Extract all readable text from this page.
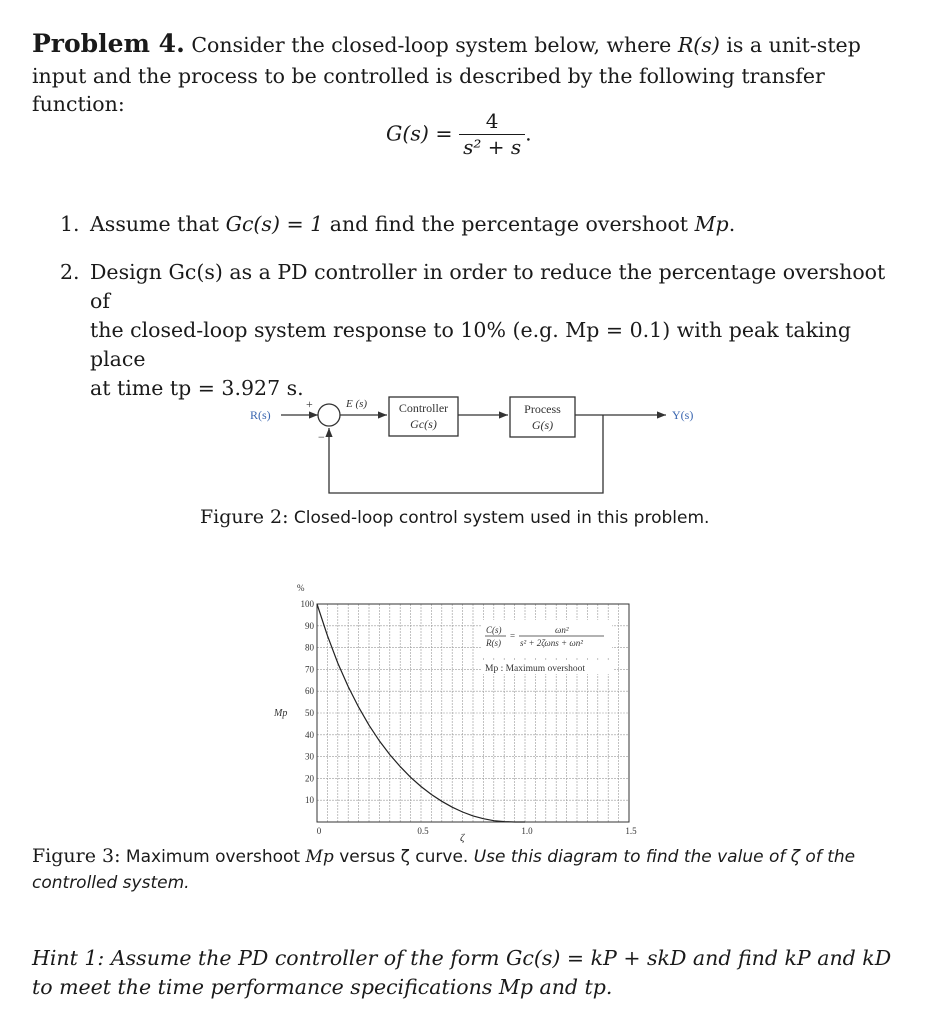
Problem 4. Consider the closed-loop system below, where R(s) is a unit-step
input and the process to be controlled is described by the following transfer function:
$G(s) = \frac{4}{\text{s² + s}}$ .
1. Assume that Gc(s) = 1 and find the percentage overshoot Mp.
2. Design Gc(s) as a PD controller in order to reduce the percentage overshoot of
the closed-loop system response to 10% (e.g. Mp = 0.1) with peak taking place
at time tp = 3.927 s.
R(s)
+
−
E (s)	Controller
Gc(s)
Process
G(s)
Y(s)
Figure 2: Closed-loop control system used in this problem.
10
20
30
40
50
60
70
80
90
100
0	0.5	1.0	1.5
%
Mp
ζ
C(s)
R(s)
=
ωn²
s² + 2ζωns + ωn²
Mp : Maximum overshoot
Figure 3: Maximum overshoot Mp versus ζ curve. Use this diagram to find the value of ζ of the
controlled system.
Hint 1: Assume the PD controller of the form Gc(s) = kP + skD and find kP and kD
to meet the time performance specifications Mp and tp.
